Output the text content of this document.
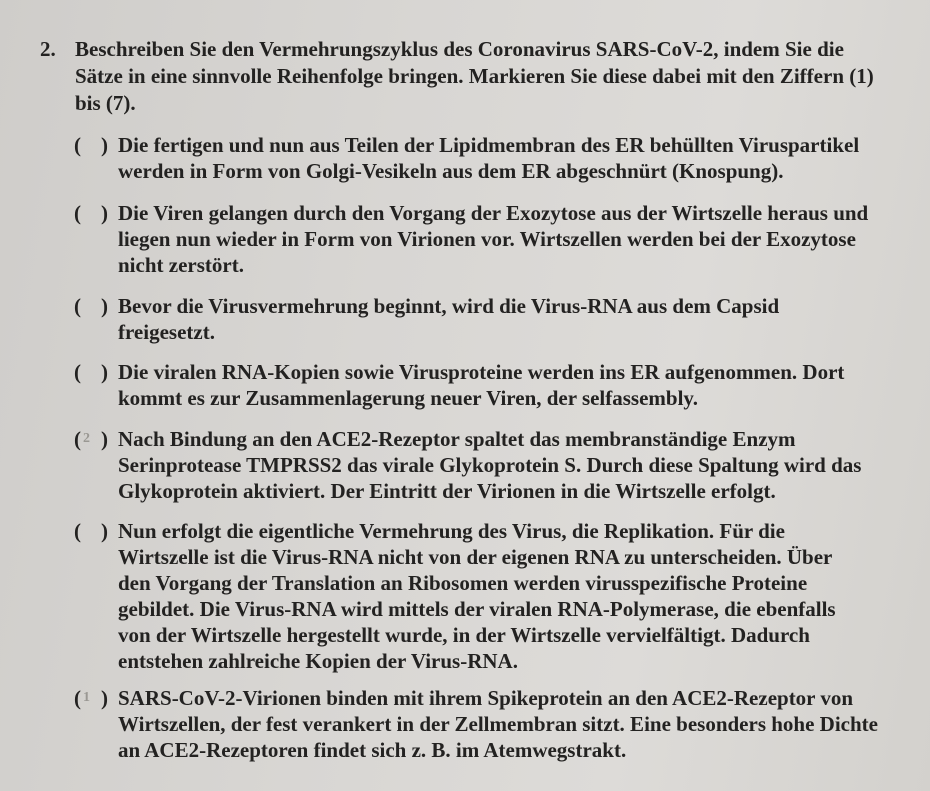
2. Beschreiben Sie den Vermehrungszyklus des Coronavirus SARS-CoV-2, indem Sie die
Sätze in eine sinnvolle Reihenfolge bringen. Markieren Sie diese dabei mit den Ziffern (1)
bis (7).
( ) Die fertigen und nun aus Teilen der Lipidmembran des ER behüllten Viruspartikel
werden in Form von Golgi-Vesikeln aus dem ER abgeschnürt (Knospung).
( ) Die Viren gelangen durch den Vorgang der Exozytose aus der Wirtszelle heraus und
liegen nun wieder in Form von Virionen vor. Wirtszellen werden bei der Exozytose
nicht zerstört.
( ) Bevor die Virusvermehrung beginnt, wird die Virus-RNA aus dem Capsid
freigesetzt.
( ) Die viralen RNA-Kopien sowie Virusproteine werden ins ER aufgenommen. Dort
kommt es zur Zusammenlagerung neuer Viren, der selfassembly.
( 2 ) Nach Bindung an den ACE2-Rezeptor spaltet das membranständige Enzym
Serinprotease TMPRSS2 das virale Glykoprotein S. Durch diese Spaltung wird das
Glykoprotein aktiviert. Der Eintritt der Virionen in die Wirtszelle erfolgt.
( ) Nun erfolgt die eigentliche Vermehrung des Virus, die Replikation. Für die
Wirtszelle ist die Virus-RNA nicht von der eigenen RNA zu unterscheiden. Über
den Vorgang der Translation an Ribosomen werden virusspezifische Proteine
gebildet. Die Virus-RNA wird mittels der viralen RNA-Polymerase, die ebenfalls
von der Wirtszelle hergestellt wurde, in der Wirtszelle vervielfältigt. Dadurch
entstehen zahlreiche Kopien der Virus-RNA.
( 1 ) SARS-CoV-2-Virionen binden mit ihrem Spikeprotein an den ACE2-Rezeptor von
Wirtszellen, der fest verankert in der Zellmembran sitzt. Eine besonders hohe Dichte
an ACE2-Rezeptoren findet sich z. B. im Atemwegstrakt.
